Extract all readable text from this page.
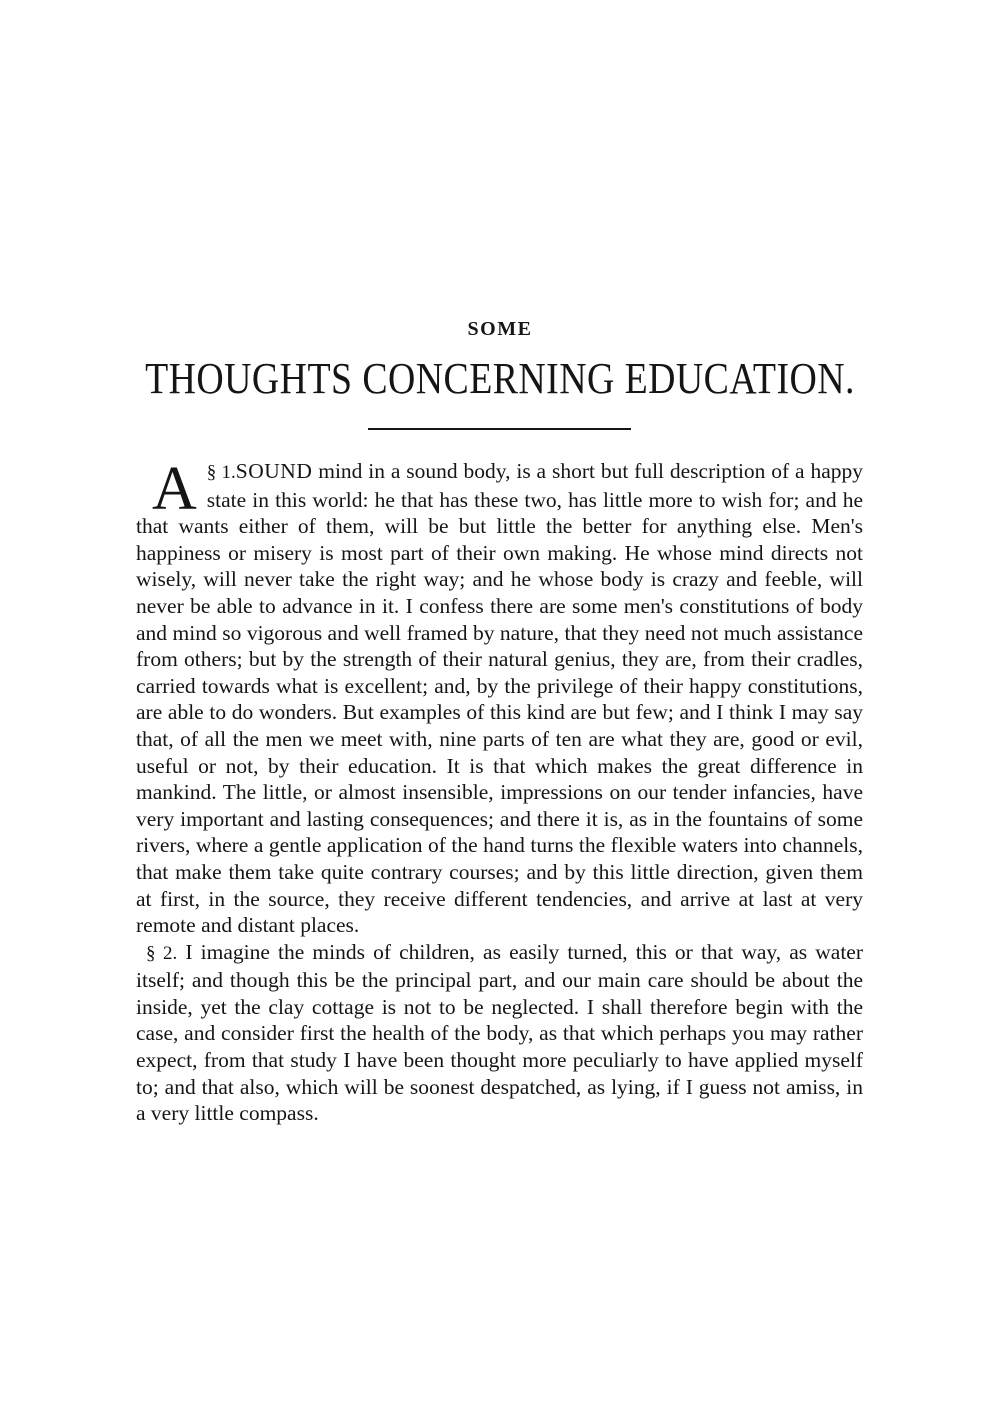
SOME
THOUGHTS CONCERNING EDUCATION.

§ 1.
A SOUND mind in a sound body, is a short but full description of a happy state in this world: he that has these two, has little more to wish for; and he that wants either of them, will be but little the better for anything else. Men's happiness or misery is most part of their own making. He whose mind directs not wisely, will never take the right way; and he whose body is crazy and feeble, will never be able to advance in it. I confess there are some men's constitutions of body and mind so vigorous and well framed by nature, that they need not much assistance from others; but by the strength of their natural genius, they are, from their cradles, carried towards what is excellent; and, by the privilege of their happy constitutions, are able to do wonders. But examples of this kind are but few; and I think I may say that, of all the men we meet with, nine parts of ten are what they are, good or evil, useful or not, by their education. It is that which makes the great difference in mankind. The little, or almost insensible, impressions on our tender infancies, have very important and lasting consequences; and there it is, as in the fountains of some rivers, where a gentle application of the hand turns the flexible waters into channels, that make them take quite contrary courses; and by this little direction, given them at first, in the source, they receive different tendencies, and arrive at last at very remote and distant places.

§ 2. I imagine the minds of children, as easily turned, this or that way, as water itself; and though this be the principal part, and our main care should be about the inside, yet the clay cottage is not to be neglected. I shall therefore begin with the case, and consider first the health of the body, as that which perhaps you may rather expect, from that study I have been thought more peculiarly to have applied myself to; and that also, which will be soonest despatched, as lying, if I guess not amiss, in a very little compass.
